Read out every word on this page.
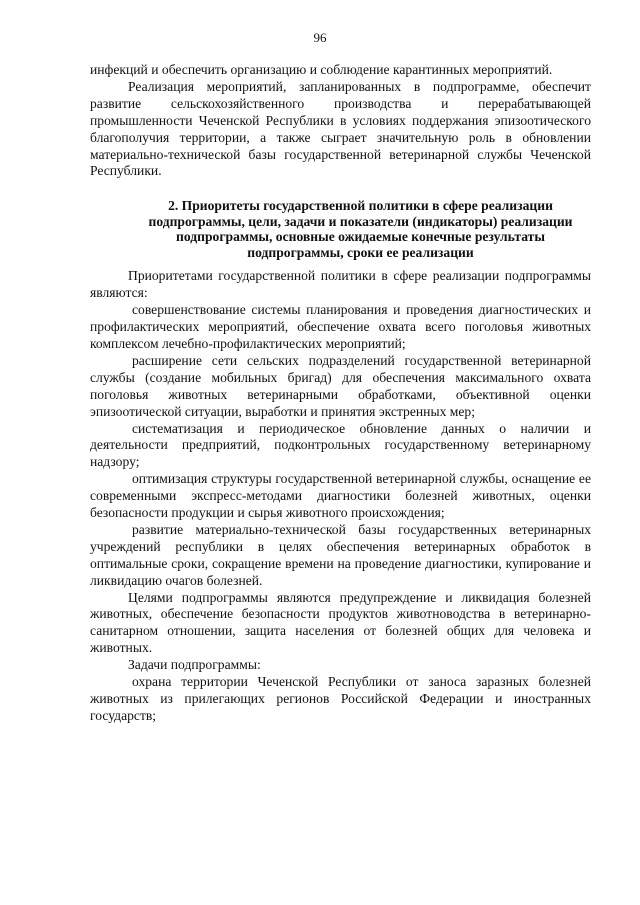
96

инфекций и обеспечить организацию и соблюдение карантинных мероприятий.

Реализация мероприятий, запланированных в подпрограмме, обеспечит развитие сельскохозяйственного производства и перерабатывающей промышленности Чеченской Республики в условиях поддержания эпизоотического благополучия территории, а также сыграет значительную роль в обновлении материально-технической базы государственной ветеринарной службы Чеченской Республики.

2. Приоритеты государственной политики в сфере реализации подпрограммы, цели, задачи и показатели (индикаторы) реализации подпрограммы, основные ожидаемые конечные результаты подпрограммы, сроки ее реализации

Приоритетами государственной политики в сфере реализации подпрограммы являются:

совершенствование системы планирования и проведения диагностических и профилактических мероприятий, обеспечение охвата всего поголовья животных комплексом лечебно-профилактических мероприятий;

расширение сети сельских подразделений государственной ветеринарной службы (создание мобильных бригад) для обеспечения максимального охвата поголовья животных ветеринарными обработками, объективной оценки эпизоотической ситуации, выработки и принятия экстренных мер;

систематизация и периодическое обновление данных о наличии и деятельности предприятий, подконтрольных государственному ветеринарному надзору;

оптимизация структуры государственной ветеринарной службы, оснащение ее современными экспресс-методами диагностики болезней животных, оценки безопасности продукции и сырья животного происхождения;

развитие материально-технической базы государственных ветеринарных учреждений республики в целях обеспечения ветеринарных обработок в оптимальные сроки, сокращение времени на проведение диагностики, купирование и ликвидацию очагов болезней.

Целями подпрограммы являются предупреждение и ликвидация болезней животных, обеспечение безопасности продуктов животноводства в ветеринарно-санитарном отношении, защита населения от болезней общих для человека и животных.

Задачи подпрограммы:

охрана территории Чеченской Республики от заноса заразных болезней животных из прилегающих регионов Российской Федерации и иностранных государств;
